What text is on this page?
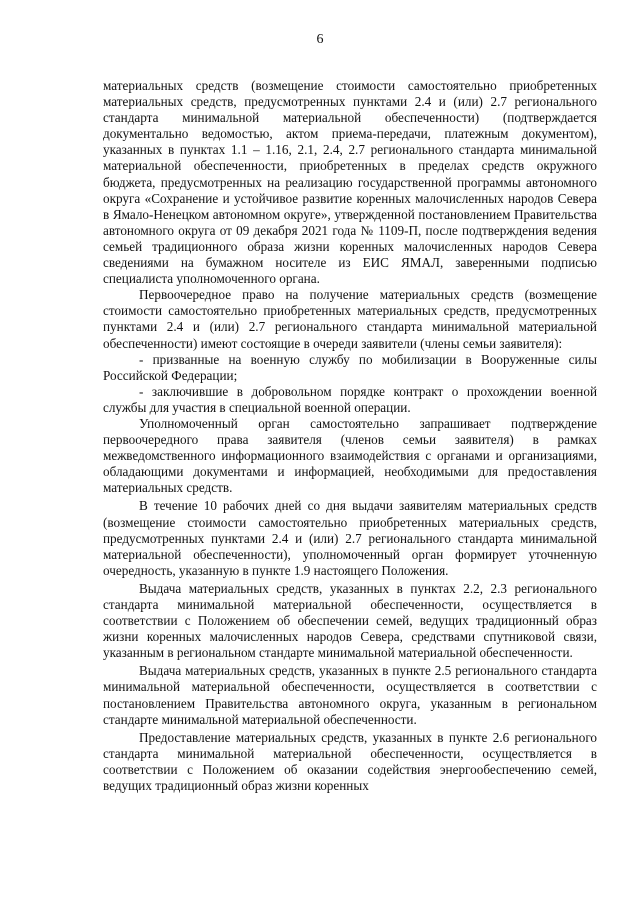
6

материальных средств (возмещение стоимости самостоятельно приобретенных материальных средств, предусмотренных пунктами 2.4 и (или) 2.7 регионального стандарта минимальной материальной обеспеченности) (подтверждается документально ведомостью, актом приема-передачи, платежным документом), указанных в пунктах 1.1 – 1.16, 2.1, 2.4, 2.7 регионального стандарта минимальной материальной обеспеченности, приобретенных в пределах средств окружного бюджета, предусмотренных на реализацию государственной программы автономного округа «Сохранение и устойчивое развитие коренных малочисленных народов Севера в Ямало-Ненецком автономном округе», утвержденной постановлением Правительства автономного округа от 09 декабря 2021 года № 1109-П, после подтверждения ведения семьей традиционного образа жизни коренных малочисленных народов Севера сведениями на бумажном носителе из ЕИС ЯМАЛ, заверенными подписью специалиста уполномоченного органа.

Первоочередное право на получение материальных средств (возмещение стоимости самостоятельно приобретенных материальных средств, предусмотренных пунктами 2.4 и (или) 2.7 регионального стандарта минимальной материальной обеспеченности) имеют состоящие в очереди заявители (члены семьи заявителя):

- призванные на военную службу по мобилизации в Вооруженные силы Российской Федерации;

- заключившие в добровольном порядке контракт о прохождении военной службы для участия в специальной военной операции.

Уполномоченный орган самостоятельно запрашивает подтверждение первоочередного права заявителя (членов семьи заявителя) в рамках межведомственного информационного взаимодействия с органами и организациями, обладающими документами и информацией, необходимыми для предоставления материальных средств.

В течение 10 рабочих дней со дня выдачи заявителям материальных средств (возмещение стоимости самостоятельно приобретенных материальных средств, предусмотренных пунктами 2.4 и (или) 2.7 регионального стандарта минимальной материальной обеспеченности), уполномоченный орган формирует уточненную очередность, указанную в пункте 1.9 настоящего Положения.

Выдача материальных средств, указанных в пунктах 2.2, 2.3 регионального стандарта минимальной материальной обеспеченности, осуществляется в соответствии с Положением об обеспечении семей, ведущих традиционный образ жизни коренных малочисленных народов Севера, средствами спутниковой связи, указанным в региональном стандарте минимальной материальной обеспеченности.

Выдача материальных средств, указанных в пункте 2.5 регионального стандарта минимальной материальной обеспеченности, осуществляется в соответствии с постановлением Правительства автономного округа, указанным в региональном стандарте минимальной материальной обеспеченности.

Предоставление материальных средств, указанных в пункте 2.6 регионального стандарта минимальной материальной обеспеченности, осуществляется в соответствии с Положением об оказании содействия энергообеспечению семей, ведущих традиционный образ жизни коренных
